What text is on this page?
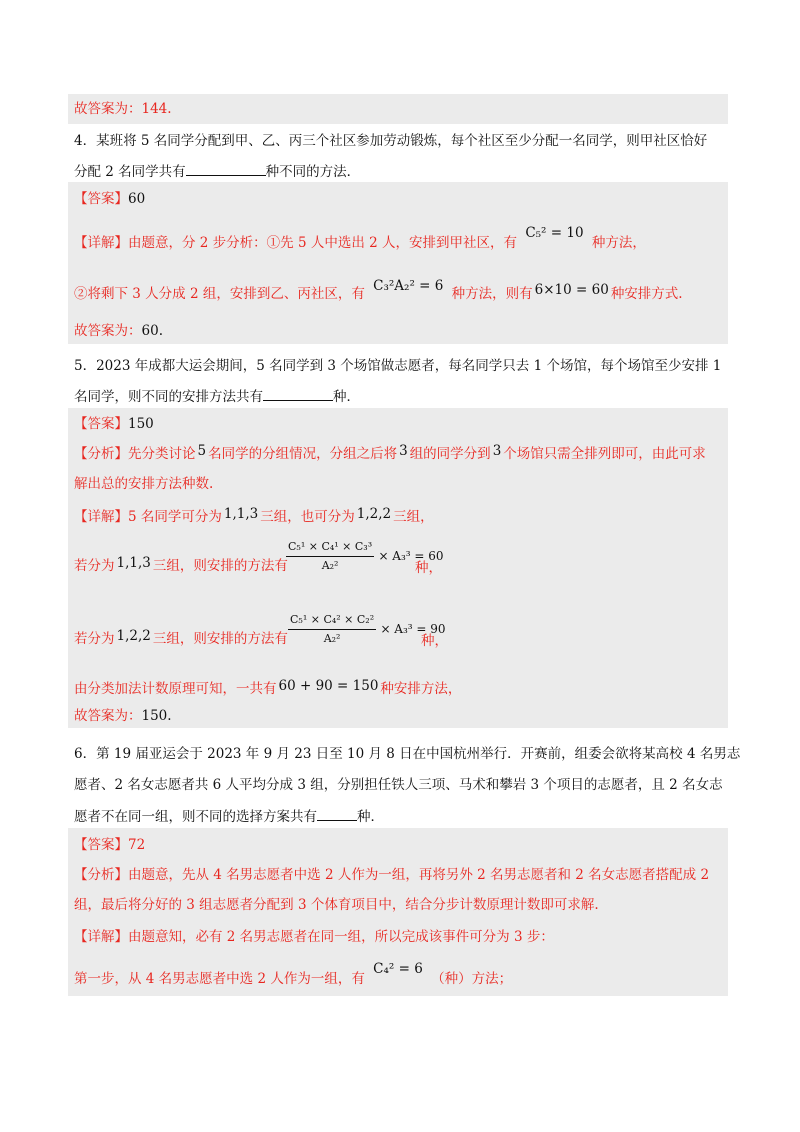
故答案为：144.
4．某班将 5 名同学分配到甲、乙、丙三个社区参加劳动锻炼，每个社区至少分配一名同学，则甲社区恰好
分配 2 名同学共有	种不同的方法．
【答案】60
【详解】由题意，分 2 步分析：①先 5 人中选出 2 人，安排到甲社区，有 C₅² = 10 种方法，
②将剩下 3 人分成 2 组，安排到乙、丙社区，有 C₃²A₂² = 6 种方法，则有 6×10 = 60 种安排方式.
故答案为：60.
5．2023 年成都大运会期间，5 名同学到 3 个场馆做志愿者，每名同学只去 1 个场馆，每个场馆至少安排 1
名同学，则不同的安排方法共有	种．
【答案】150
【分析】先分类讨论 5 名同学的分组情况，分组之后将 3 组的同学分到 3 个场馆只需全排列即可，由此可求
解出总的安排方法种数.
【详解】5 名同学可分为 1,1,3 三组，也可分为 1,2,2 三组，
若分为 1,1,3 三组，则安排的方法有
$\frac{\text{C₅¹ × C₄¹ × C₃³}}{\text{A₂²}} \times A_3^3 = 60$
种，
若分为 1,2,2 三组，则安排的方法有 $\frac{\text{C₅¹ × C₄² × C₂²}}{\text{A₂²}} \times A_3^3 = 90$
种，
由分类加法计数原理可知，一共有 60 + 90 = 150 种安排方法，
故答案为：150.
6．第 19 届亚运会于 2023 年 9 月 23 日至 10 月 8 日在中国杭州举行．开赛前，组委会欲将某高校 4 名男志
愿者、2 名女志愿者共 6 人平均分成 3 组，分别担任铁人三项、马术和攀岩 3 个项目的志愿者，且 2 名女志
愿者不在同一组，则不同的选择方案共有	种．
【答案】72
【分析】由题意，先从 4 名男志愿者中选 2 人作为一组，再将另外 2 名男志愿者和 2 名女志愿者搭配成 2
组，最后将分好的 3 组志愿者分配到 3 个体育项目中，结合分步计数原理计数即可求解.
【详解】由题意知，必有 2 名男志愿者在同一组，所以完成该事件可分为 3 步：
第一步，从 4 名男志愿者中选 2 人作为一组，有 C₄² = 6 （种）方法；
